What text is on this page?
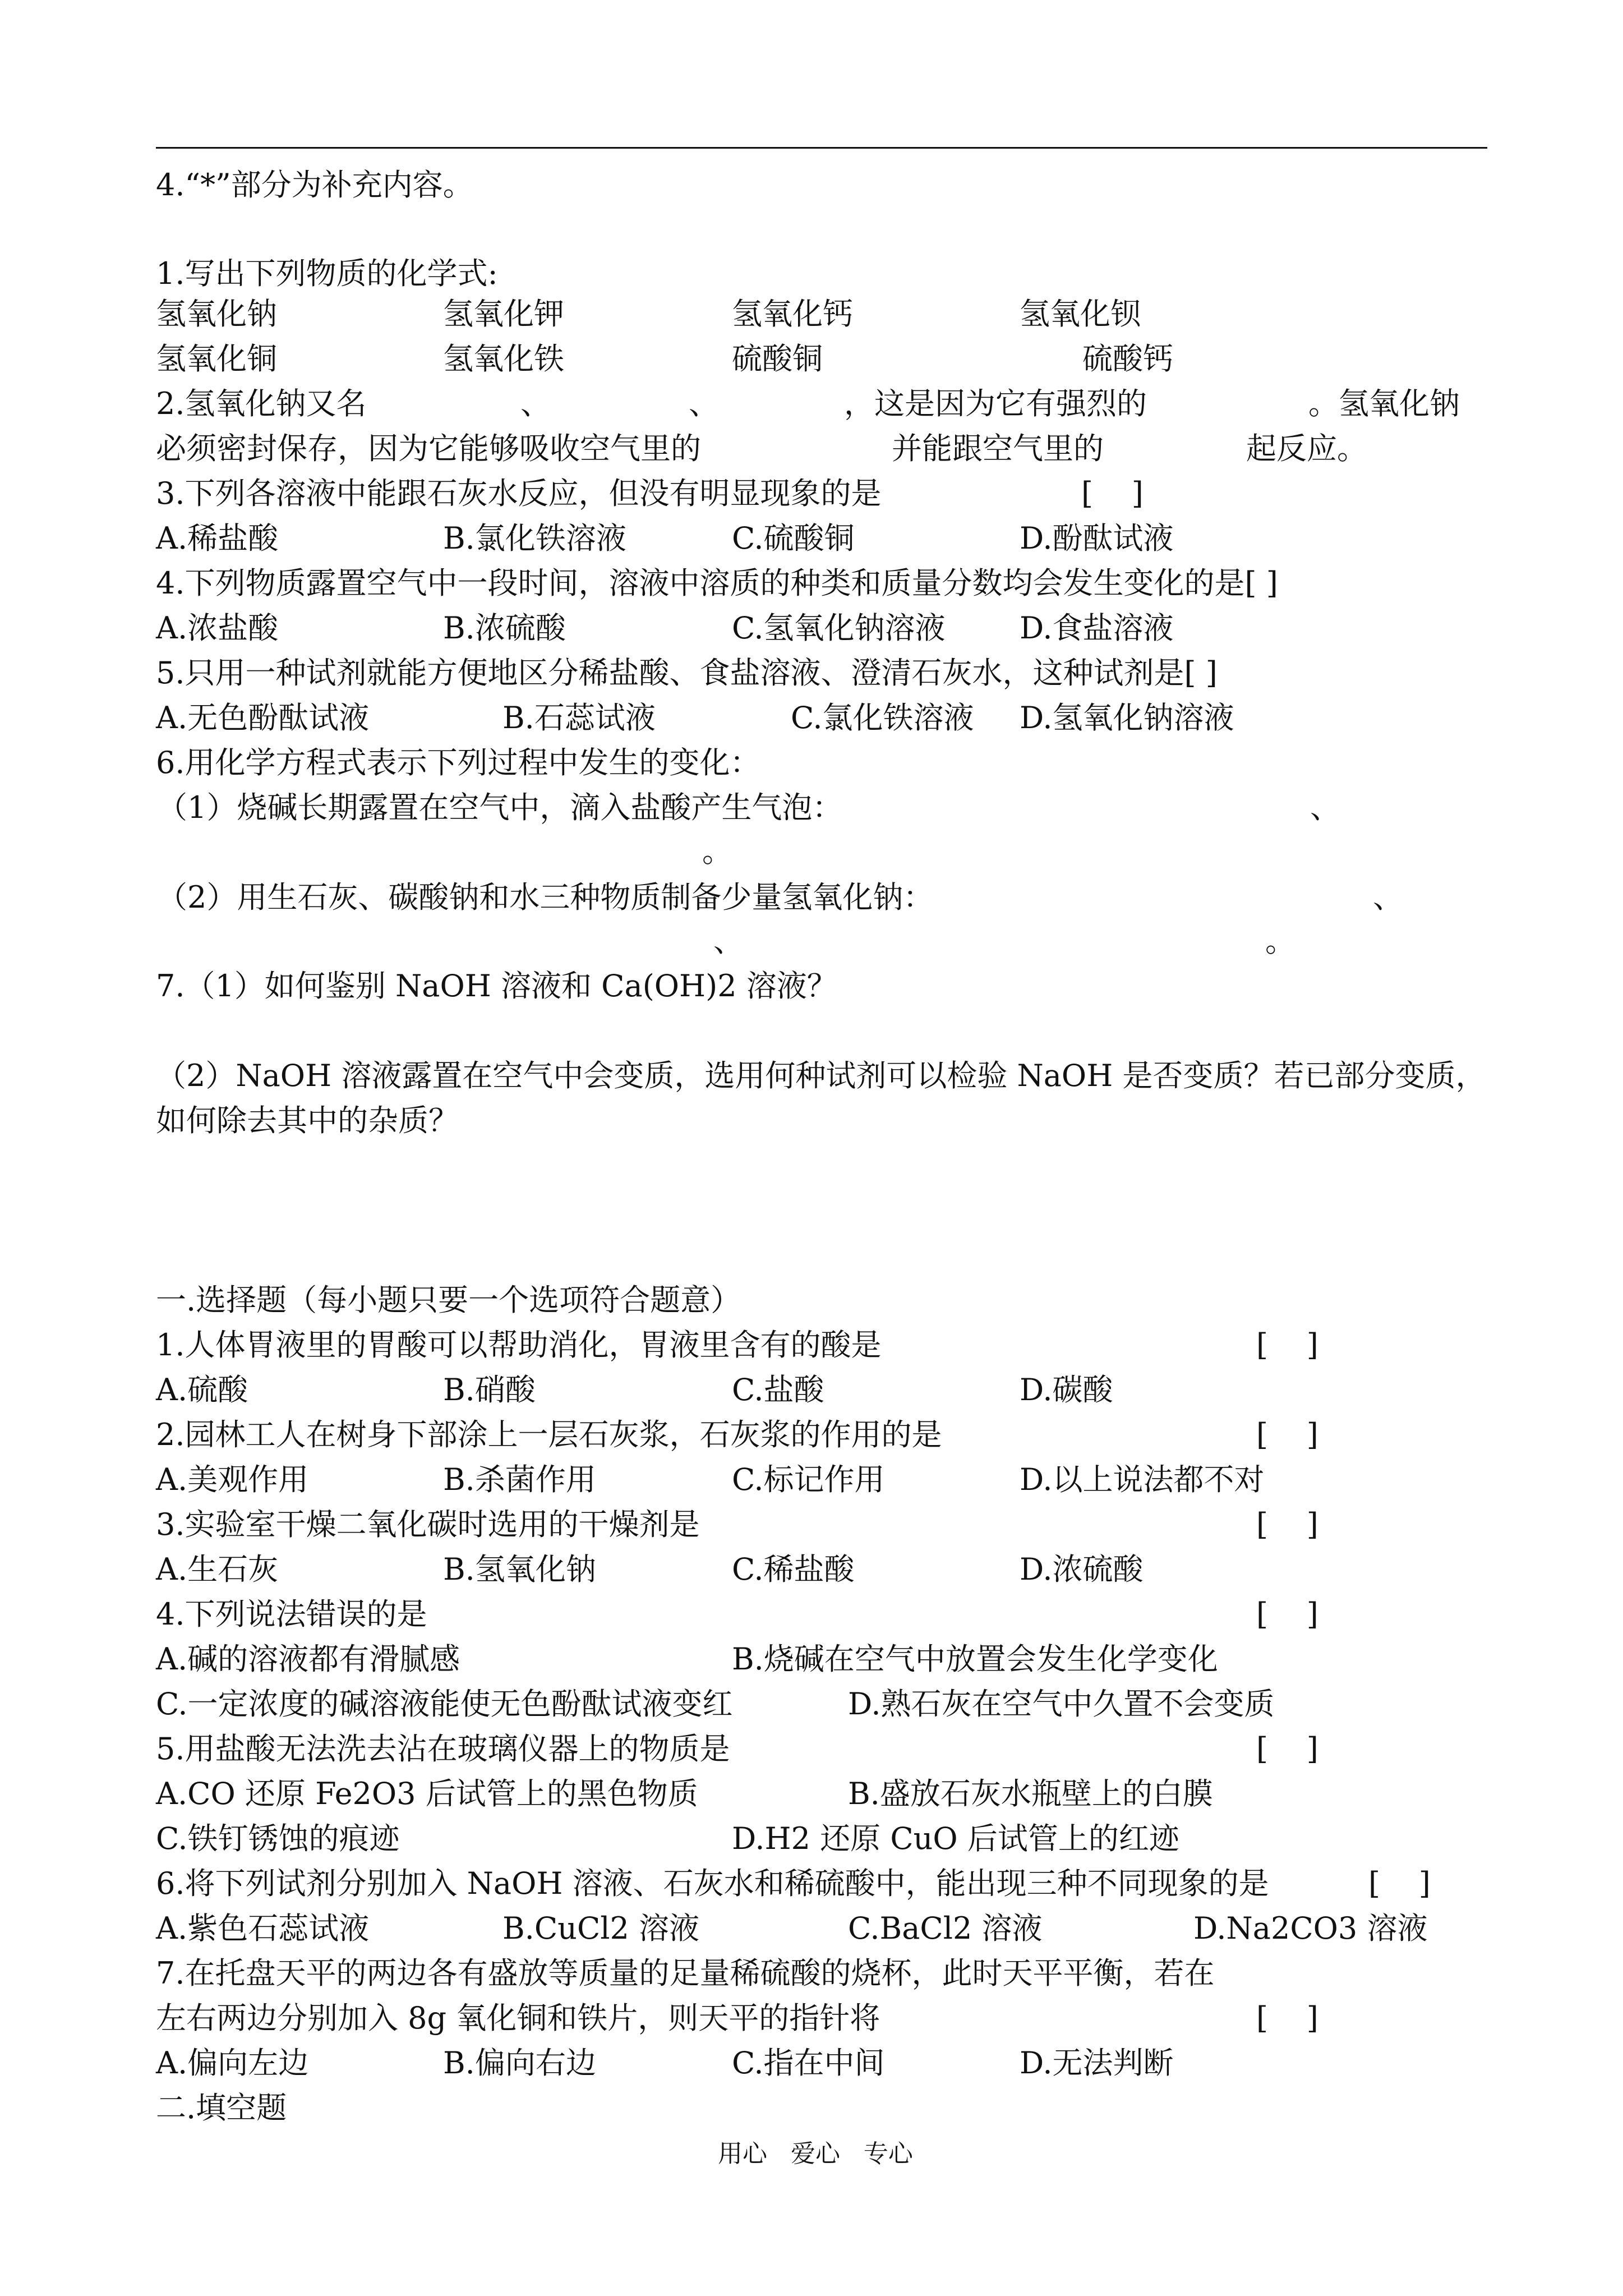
4.“*”部分为补充内容。
1.写出下列物质的化学式:
氢氧化钠	氢氧化钾	氢氧化钙	氢氧化钡
氢氧化铜	氢氧化铁	硫酸铜	硫酸钙
2.氢氧化钠又名	、	、	，这是因为它有强烈的	。氢氧化钠
必须密封保存，因为它能够吸收空气里的	并能跟空气里的	起反应。
3.下列各溶液中能跟石灰水反应，但没有明显现象的是	[    ]
A.稀盐酸	B.氯化铁溶液	C.硫酸铜	D.酚酞试液
4.下列物质露置空气中一段时间，溶液中溶质的种类和质量分数均会发生变化的是[ ]
A.浓盐酸	B.浓硫酸	C.氢氧化钠溶液 D.食盐溶液
5.只用一种试剂就能方便地区分稀盐酸、食盐溶液、澄清石灰水，这种试剂是[ ]
A.无色酚酞试液	B.石蕊试液	C.氯化铁溶液 D.氢氧化钠溶液
6.用化学方程式表示下列过程中发生的变化：
（1）烧碱长期露置在空气中，滴入盐酸产生气泡：	、
。
（2）用生石灰、碳酸钠和水三种物质制备少量氢氧化钠：	、
、	。
7.（1）如何鉴别 NaOH 溶液和 Ca(OH)2 溶液？
（2）NaOH 溶液露置在空气中会变质，选用何种试剂可以检验 NaOH 是否变质？若已部分变质，
如何除去其中的杂质？
一.选择题（每小题只要一个选项符合题意）
1.人体胃液里的胃酸可以帮助消化，胃液里含有的酸是	[    ]
A.硫酸	B.硝酸	C.盐酸	D.碳酸
2.园林工人在树身下部涂上一层石灰浆，石灰浆的作用的是	[    ]
A.美观作用	B.杀菌作用	C.标记作用	D.以上说法都不对
3.实验室干燥二氧化碳时选用的干燥剂是	[    ]
A.生石灰	B.氢氧化钠	C.稀盐酸	D.浓硫酸
4.下列说法错误的是	[    ]
A.碱的溶液都有滑腻感	B.烧碱在空气中放置会发生化学变化
C.一定浓度的碱溶液能使无色酚酞试液变红	D.熟石灰在空气中久置不会变质
5.用盐酸无法洗去沾在玻璃仪器上的物质是	[    ]
A.CO 还原 Fe2O3 后试管上的黑色物质	B.盛放石灰水瓶壁上的白膜
C.铁钉锈蚀的痕迹	D.H2 还原 CuO 后试管上的红迹
6.将下列试剂分别加入 NaOH 溶液、石灰水和稀硫酸中，能出现三种不同现象的是	[    ]
A.紫色石蕊试液	B.CuCl2 溶液	C.BaCl2 溶液	D.Na2CO3 溶液
7.在托盘天平的两边各有盛放等质量的足量稀硫酸的烧杯，此时天平平衡，若在
左右两边分别加入 8g 氧化铜和铁片，则天平的指针将	[    ]
A.偏向左边	B.偏向右边	C.指在中间	D.无法判断
二.填空题
用心   爱心   专心
